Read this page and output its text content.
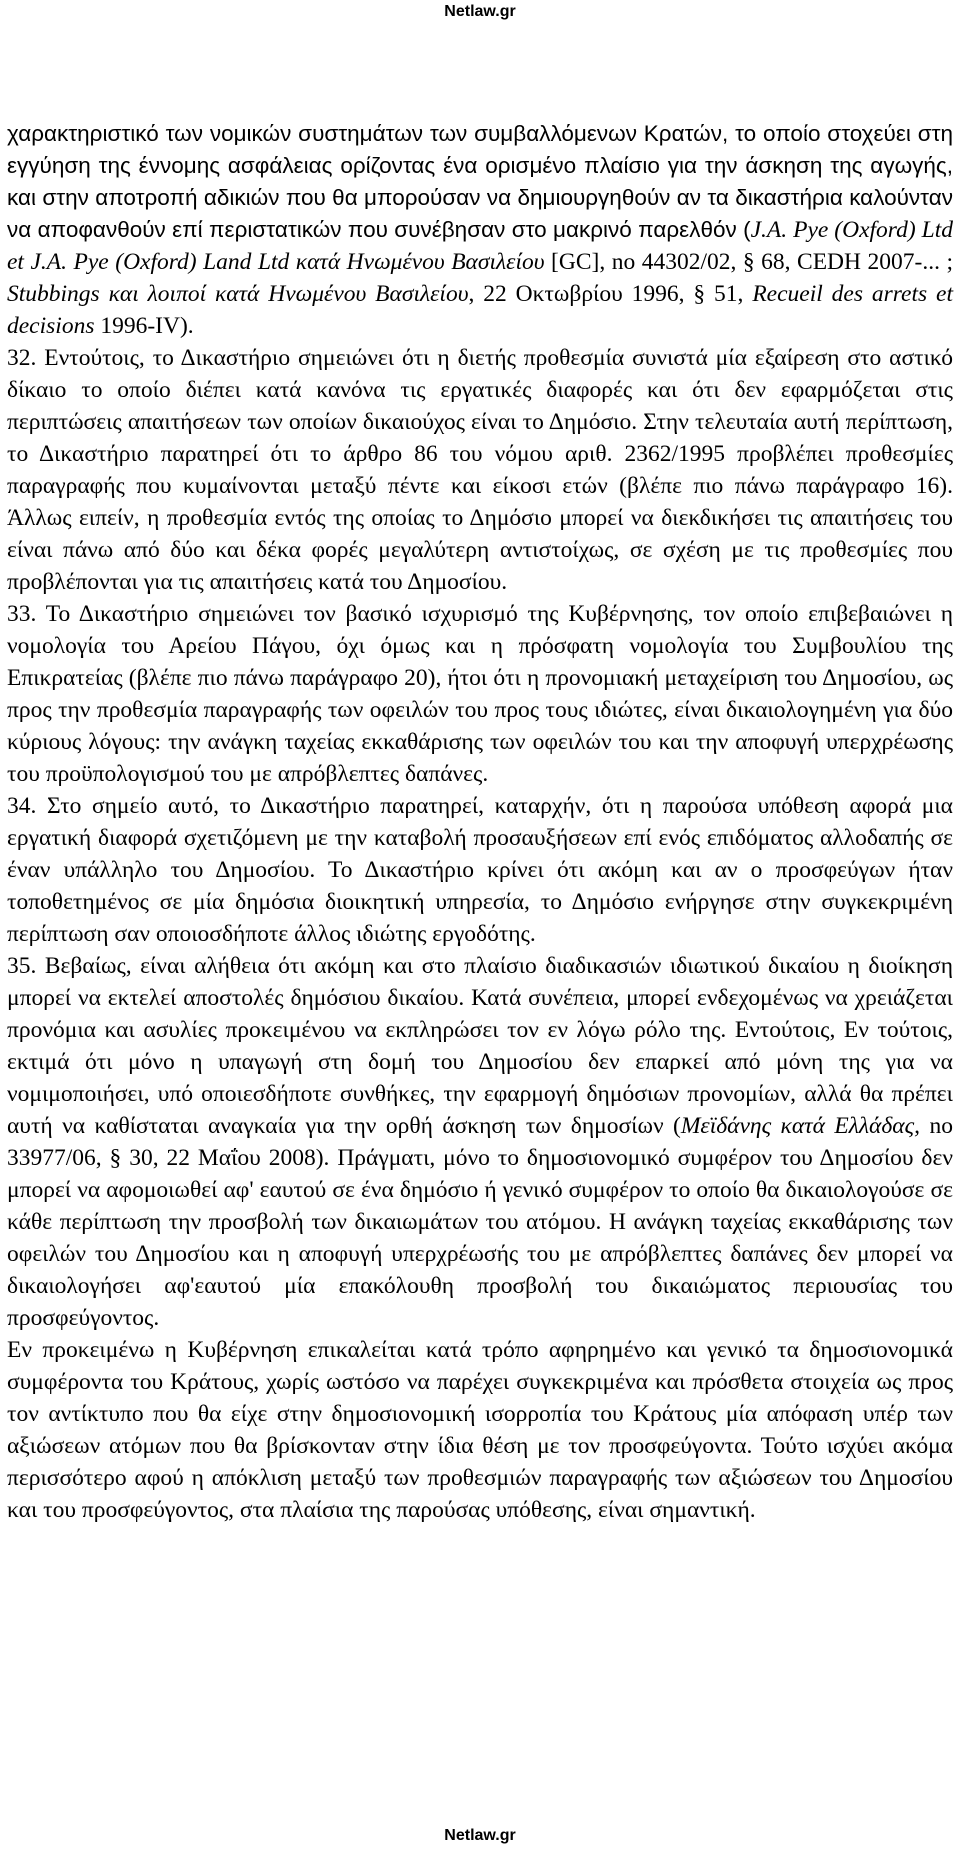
Netlaw.gr

χαρακτηριστικό των νομικών συστημάτων των συμβαλλόμενων Κρατών, το οποίο στοχεύει στη εγγύηση της έννομης ασφάλειας ορίζοντας ένα ορισμένο πλαίσιο για την άσκηση της αγωγής, και στην αποτροπή αδικιών που θα μπορούσαν να δημιουργηθούν αν τα δικαστήρια καλούνταν να αποφανθούν επί περιστατικών που συνέβησαν στο μακρινό παρελθόν (J.A. Pye (Oxford) Ltd et J.A. Pye (Oxford) Land Ltd κατά Ηνωμένου Βασιλείου [GC], no 44302/02, § 68, CEDH 2007-... ; Stubbings και λοιποί κατά Ηνωμένου Βασιλείου, 22 Οκτωβρίου 1996, § 51, Recueil des arrets et decisions 1996-IV).

32. Εντούτοις, το Δικαστήριο σημειώνει ότι η διετής προθεσμία συνιστά μία εξαίρεση στο αστικό δίκαιο το οποίο διέπει κατά κανόνα τις εργατικές διαφορές και ότι δεν εφαρμόζεται στις περιπτώσεις απαιτήσεων των οποίων δικαιούχος είναι το Δημόσιο. Στην τελευταία αυτή περίπτωση, το Δικαστήριο παρατηρεί ότι το άρθρο 86 του νόμου αριθ. 2362/1995 προβλέπει προθεσμίες παραγραφής που κυμαίνονται μεταξύ πέντε και είκοσι ετών (βλέπε πιο πάνω παράγραφο 16). Άλλως ειπείν, η προθεσμία εντός της οποίας το Δημόσιο μπορεί να διεκδικήσει τις απαιτήσεις του είναι πάνω από δύο και δέκα φορές μεγαλύτερη αντιστοίχως, σε σχέση με τις προθεσμίες που προβλέπονται για τις απαιτήσεις κατά του Δημοσίου.

33. Το Δικαστήριο σημειώνει τον βασικό ισχυρισμό της Κυβέρνησης, τον οποίο επιβεβαιώνει η νομολογία του Αρείου Πάγου, όχι όμως και η πρόσφατη νομολογία του Συμβουλίου της Επικρατείας (βλέπε πιο πάνω παράγραφο 20), ήτοι ότι η προνομιακή μεταχείριση του Δημοσίου, ως προς την προθεσμία παραγραφής των οφειλών του προς τους ιδιώτες, είναι δικαιολογημένη για δύο κύριους λόγους: την ανάγκη ταχείας εκκαθάρισης των οφειλών του και την αποφυγή υπερχρέωσης του προϋπολογισμού του με απρόβλεπτες δαπάνες.

34. Στο σημείο αυτό, το Δικαστήριο παρατηρεί, καταρχήν, ότι η παρούσα υπόθεση αφορά μια εργατική διαφορά σχετιζόμενη με την καταβολή προσαυξήσεων επί ενός επιδόματος αλλοδαπής σε έναν υπάλληλο του Δημοσίου. Το Δικαστήριο κρίνει ότι ακόμη και αν ο προσφεύγων ήταν τοποθετημένος σε μία δημόσια διοικητική υπηρεσία, το Δημόσιο ενήργησε στην συγκεκριμένη περίπτωση σαν οποιοσδήποτε άλλος ιδιώτης εργοδότης.

35. Βεβαίως, είναι αλήθεια ότι ακόμη και στο πλαίσιο διαδικασιών ιδιωτικού δικαίου η διοίκηση μπορεί να εκτελεί αποστολές δημόσιου δικαίου. Κατά συνέπεια, μπορεί ενδεχομένως να χρειάζεται προνόμια και ασυλίες προκειμένου να εκπληρώσει τον εν λόγω ρόλο της. Εντούτοις, Εν τούτοις, εκτιμά ότι μόνο η υπαγωγή στη δομή του Δημοσίου δεν επαρκεί από μόνη της για να νομιμοποιήσει, υπό οποιεσδήποτε συνθήκες, την εφαρμογή δημόσιων προνομίων, αλλά θα πρέπει αυτή να καθίσταται αναγκαία για την ορθή άσκηση των δημοσίων (Μεϊδάνης κατά Ελλάδας, no 33977/06, § 30, 22 Μαΐου 2008). Πράγματι, μόνο το δημοσιονομικό συμφέρον του Δημοσίου δεν μπορεί να αφομοιωθεί αφ' εαυτού σε ένα δημόσιο ή γενικό συμφέρον το οποίο θα δικαιολογούσε σε κάθε περίπτωση την προσβολή των δικαιωμάτων του ατόμου. Η ανάγκη ταχείας εκκαθάρισης των οφειλών του Δημοσίου και η αποφυγή υπερχρέωσής του με απρόβλεπτες δαπάνες δεν μπορεί να δικαιολογήσει αφ'εαυτού μία επακόλουθη προσβολή του δικαιώματος περιουσίας του προσφεύγοντος.

Εν προκειμένω η Κυβέρνηση επικαλείται κατά τρόπο αφηρημένο και γενικό τα δημοσιονομικά συμφέροντα του Κράτους, χωρίς ωστόσο να παρέχει συγκεκριμένα και πρόσθετα στοιχεία ως προς τον αντίκτυπο που θα είχε στην δημοσιονομική ισορροπία του Κράτους μία απόφαση υπέρ των αξιώσεων ατόμων που θα βρίσκονταν στην ίδια θέση με τον προσφεύγοντα. Τούτο ισχύει ακόμα περισσότερο αφού η απόκλιση μεταξύ των προθεσμιών παραγραφής των αξιώσεων του Δημοσίου και του προσφεύγοντος, στα πλαίσια της παρούσας υπόθεσης, είναι σημαντική.

Netlaw.gr
